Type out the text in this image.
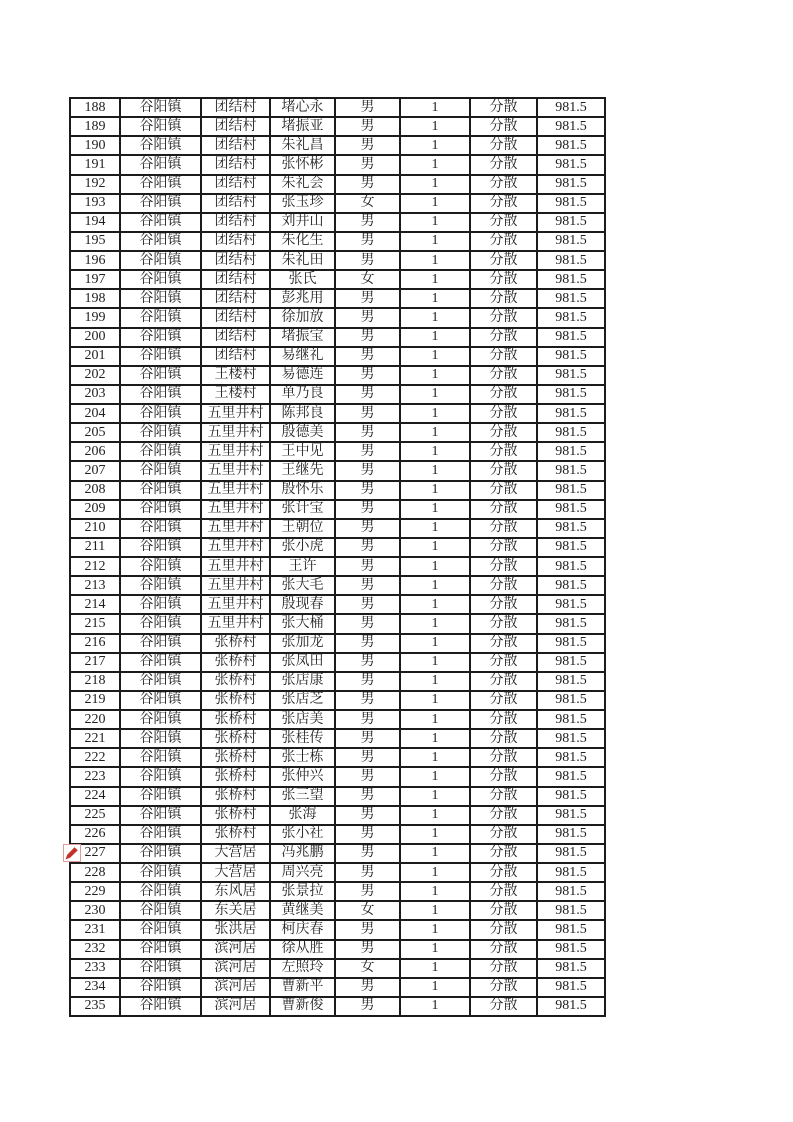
188	谷阳镇	团结村	堵心永	男	1	分散	981.5
189	谷阳镇	团结村	堵振亚	男	1	分散	981.5
190	谷阳镇	团结村	朱礼昌	男	1	分散	981.5
191	谷阳镇	团结村	张怀彬	男	1	分散	981.5
192	谷阳镇	团结村	朱礼会	男	1	分散	981.5
193	谷阳镇	团结村	张玉珍	女	1	分散	981.5
194	谷阳镇	团结村	刘井山	男	1	分散	981.5
195	谷阳镇	团结村	朱化生	男	1	分散	981.5
196	谷阳镇	团结村	朱礼田	男	1	分散	981.5
197	谷阳镇	团结村	张氏	女	1	分散	981.5
198	谷阳镇	团结村	彭兆用	男	1	分散	981.5
199	谷阳镇	团结村	徐加放	男	1	分散	981.5
200	谷阳镇	团结村	堵振宝	男	1	分散	981.5
201	谷阳镇	团结村	易继礼	男	1	分散	981.5
202	谷阳镇	王楼村	易德连	男	1	分散	981.5
203	谷阳镇	王楼村	单乃良	男	1	分散	981.5
204	谷阳镇	五里井村	陈邦良	男	1	分散	981.5
205	谷阳镇	五里井村	殷德美	男	1	分散	981.5
206	谷阳镇	五里井村	王中见	男	1	分散	981.5
207	谷阳镇	五里井村	王继先	男	1	分散	981.5
208	谷阳镇	五里井村	殷怀乐	男	1	分散	981.5
209	谷阳镇	五里井村	张计宝	男	1	分散	981.5
210	谷阳镇	五里井村	王朝位	男	1	分散	981.5
211	谷阳镇	五里井村	张小虎	男	1	分散	981.5
212	谷阳镇	五里井村	王许	男	1	分散	981.5
213	谷阳镇	五里井村	张大毛	男	1	分散	981.5
214	谷阳镇	五里井村	殷现春	男	1	分散	981.5
215	谷阳镇	五里井村	张大桶	男	1	分散	981.5
216	谷阳镇	张桥村	张加龙	男	1	分散	981.5
217	谷阳镇	张桥村	张凤田	男	1	分散	981.5
218	谷阳镇	张桥村	张店康	男	1	分散	981.5
219	谷阳镇	张桥村	张店芝	男	1	分散	981.5
220	谷阳镇	张桥村	张店美	男	1	分散	981.5
221	谷阳镇	张桥村	张桂传	男	1	分散	981.5
222	谷阳镇	张桥村	张士栋	男	1	分散	981.5
223	谷阳镇	张桥村	张仲兴	男	1	分散	981.5
224	谷阳镇	张桥村	张三望	男	1	分散	981.5
225	谷阳镇	张桥村	张海	男	1	分散	981.5
226	谷阳镇	张桥村	张小社	男	1	分散	981.5
227	谷阳镇	大营居	冯兆鹏	男	1	分散	981.5
228	谷阳镇	大营居	周兴亮	男	1	分散	981.5
229	谷阳镇	东风居	张景拉	男	1	分散	981.5
230	谷阳镇	东关居	黄继美	女	1	分散	981.5
231	谷阳镇	张洪居	柯庆春	男	1	分散	981.5
232	谷阳镇	滨河居	徐从胜	男	1	分散	981.5
233	谷阳镇	滨河居	左照玲	女	1	分散	981.5
234	谷阳镇	滨河居	曹新平	男	1	分散	981.5
235	谷阳镇	滨河居	曹新俊	男	1	分散	981.5
